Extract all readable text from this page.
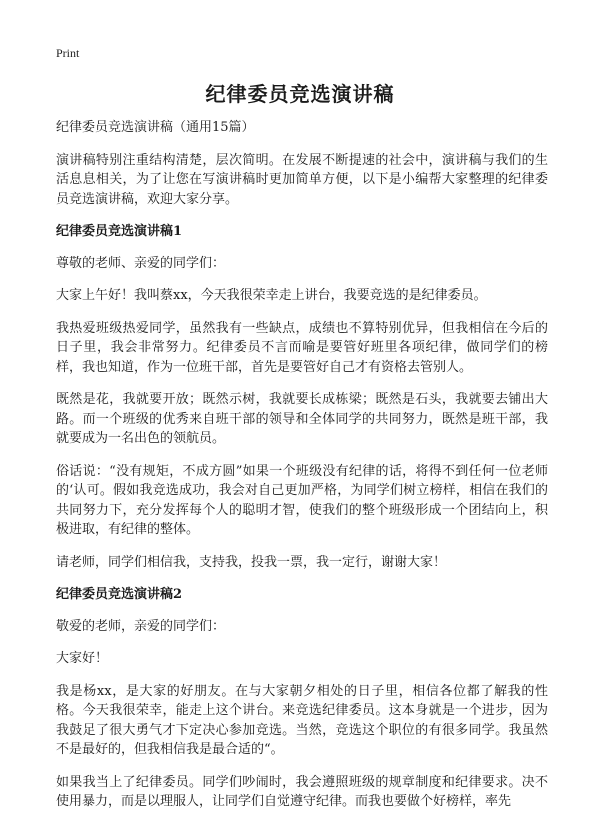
Print
纪律委员竞选演讲稿

纪律委员竞选演讲稿（通用15篇）

演讲稿特别注重结构清楚，层次简明。在发展不断提速的社会中，演讲稿与我们的生活息息相关，为了让您在写演讲稿时更加简单方便，以下是小编帮大家整理的纪律委员竞选演讲稿，欢迎大家分享。

纪律委员竞选演讲稿1

尊敬的老师、亲爱的同学们：

大家上午好！我叫蔡xx，今天我很荣幸走上讲台，我要竞选的是纪律委员。

我热爱班级热爱同学，虽然我有一些缺点，成绩也不算特别优异，但我相信在今后的日子里，我会非常努力。纪律委员不言而喻是要管好班里各项纪律，做同学们的榜样，我也知道，作为一位班干部，首先是要管好自己才有资格去管别人。

既然是花，我就要开放；既然示树，我就要长成栋梁；既然是石头，我就要去铺出大路。而一个班级的优秀来自班干部的领导和全体同学的共同努力，既然是班干部，我就要成为一名出色的领航员。

俗话说：“没有规矩，不成方圆”如果一个班级没有纪律的话，将得不到任何一位老师的‘认可。假如我竞选成功，我会对自己更加严格，为同学们树立榜样，相信在我们的共同努力下，充分发挥每个人的聪明才智，使我们的整个班级形成一个团结向上，积极进取，有纪律的整体。

请老师，同学们相信我，支持我，投我一票，我一定行，谢谢大家！

纪律委员竞选演讲稿2

敬爱的老师，亲爱的同学们：

大家好！

我是杨xx，是大家的好朋友。在与大家朝夕相处的日子里，相信各位都了解我的性格。今天我很荣幸，能走上这个讲台。来竞选纪律委员。这本身就是一个进步，因为我鼓足了很大勇气才下定决心参加竞选。当然，竞选这个职位的有很多同学。我虽然不是最好的，但我相信我是最合适的“。

如果我当上了纪律委员。同学们吵闹时，我会遵照班级的规章制度和纪律要求。决不使用暴力，而是以理服人，让同学们自觉遵守纪律。而我也要做个好榜样，率先
